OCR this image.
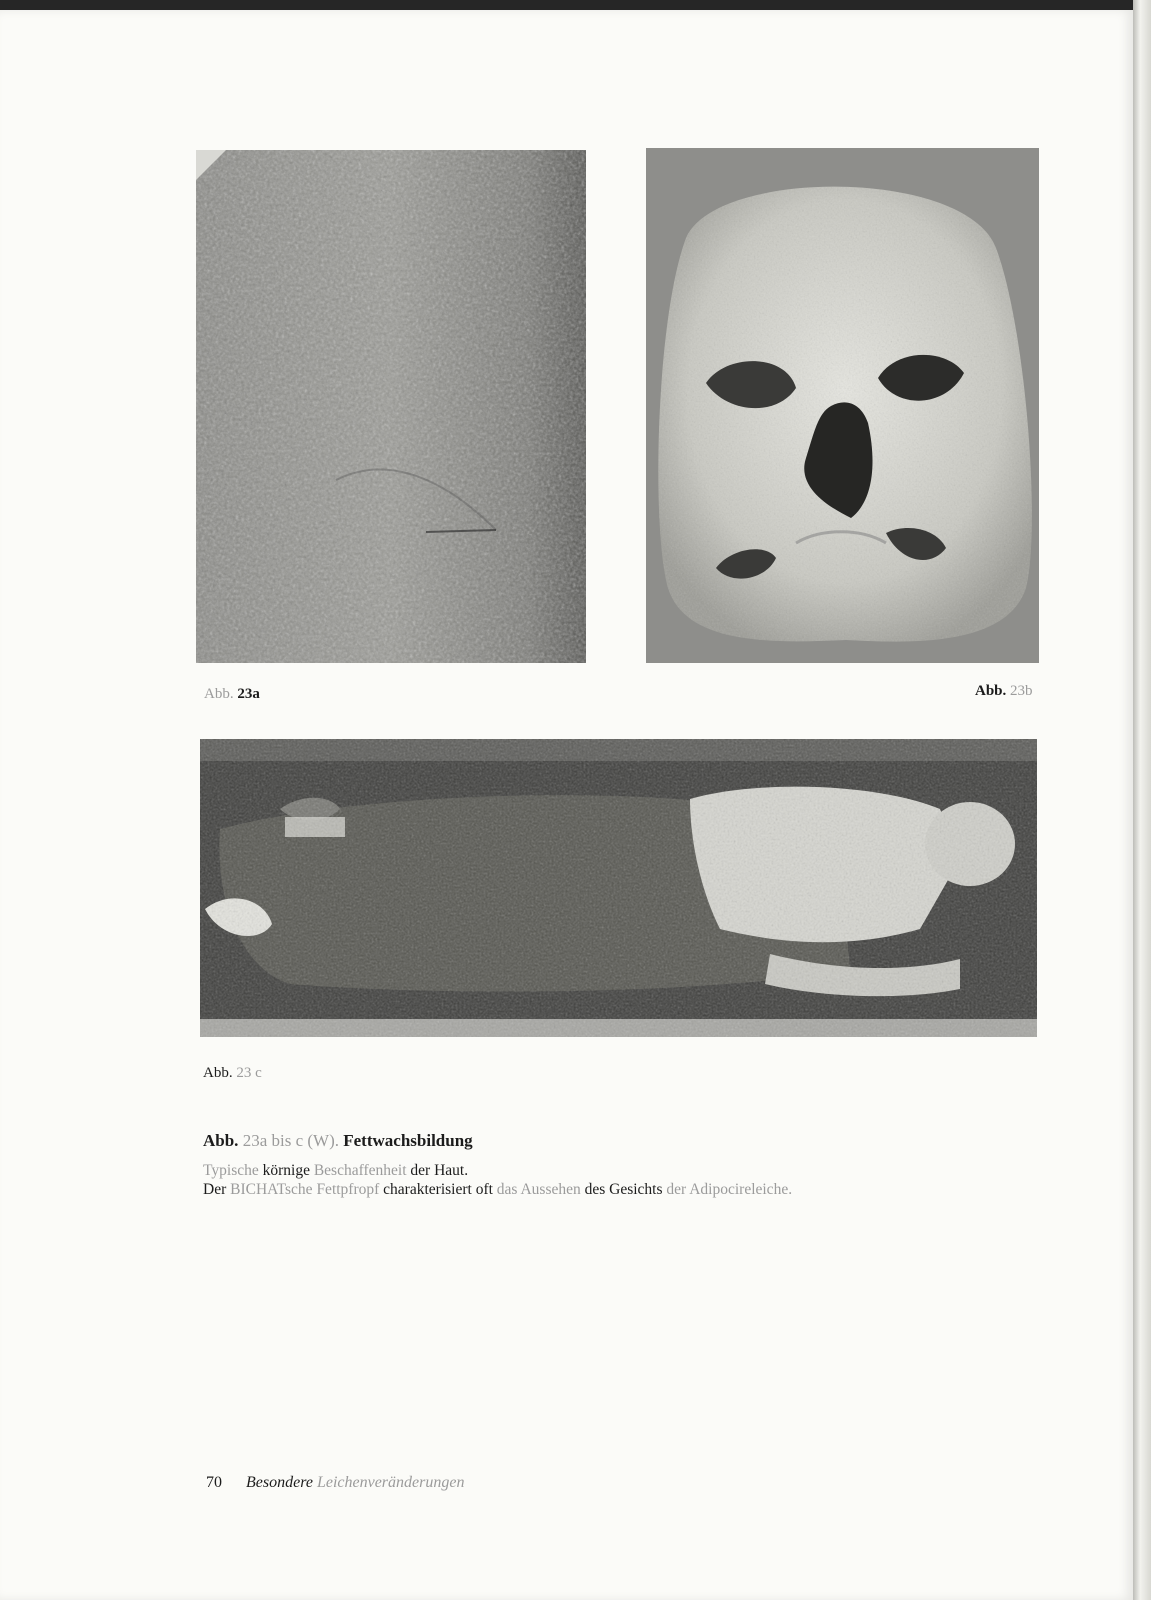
Abb. 23a	Abb. 23b
Abb. 23 c
Abb. 23a bis c (W). Fettwachsbildung
Typische körnige Beschaffenheit der Haut.
Der BICHATsche Fettpfropf charakterisiert oft das Aussehen des Gesichts der Adipocireleiche.
70 Besondere Leichenveränderungen
